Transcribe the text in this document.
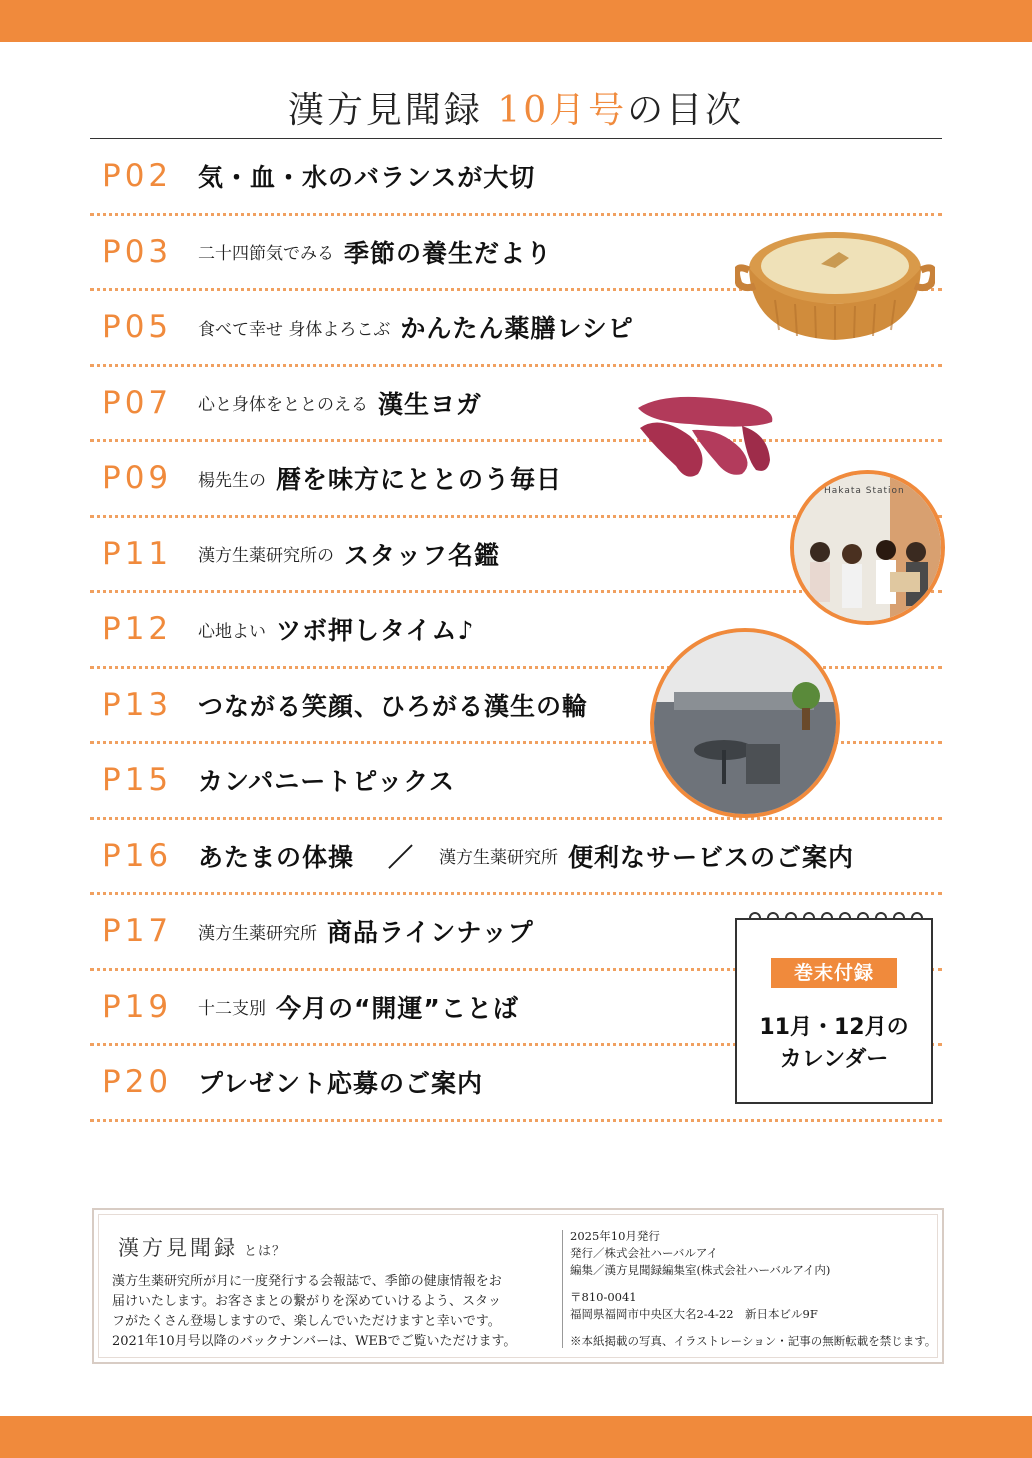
漢方見聞録 10月号の目次
P02	気・血・水のバランスが大切
P03	二十四節気でみる 季節の養生だより
P05	食べて幸せ 身体よろこぶ かんたん薬膳レシピ
P07	心と身体をととのえる 漢生ヨガ
P09	楊先生の 暦を味方にととのう毎日
P11	漢方生薬研究所の スタッフ名鑑
P12	心地よい ツボ押しタイム♪
P13	つながる笑顔、ひろがる漢生の輪
P15	カンパニートピックス
P16	あたまの体操 ／ 漢方生薬研究所 便利なサービスのご案内
P17	漢方生薬研究所 商品ラインナップ
P19	十二支別 今月の“開運”ことば
P20	プレゼント応募のご案内
Hakata Station
巻末付録
11月・12月の
カレンダー
漢方見聞録 とは？
漢方生薬研究所が月に一度発行する会報誌で、季節の健康情報をお
届けいたします。お客さまとの繋がりを深めていけるよう、スタッ
フがたくさん登場しますので、楽しんでいただけますと幸いです。
2021年10月号以降のバックナンバーは、WEBでご覧いただけます。
2025年10月発行
発行／株式会社ハーバルアイ
編集／漢方見聞録編集室(株式会社ハーバルアイ内)
〒810-0041
福岡県福岡市中央区大名2-4-22　新日本ビル9F
※本紙掲載の写真、イラストレーション・記事の無断転載を禁じます。
